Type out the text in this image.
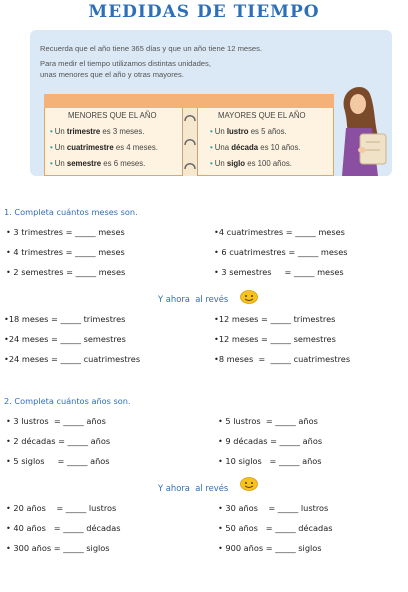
MEDIDAS DE TIEMPO
Recuerda que el año tiene 365 días y que un año tiene 12 meses.
Para medir el tiempo utilizamos distintas unidades,
unas menores que el año y otras mayores.
MENORES QUE EL AÑO	MAYORES QUE EL AÑO
• Un trimestre es 3 meses.
• Un cuatrimestre es 4 meses.
• Un semestre es 6 meses.
• Un lustro es 5 años.
• Una década es 10 años.
• Un siglo es 100 años.
1. Completa cuántos meses son.
• 3 trimestres = _____ meses	•4 cuatrimestres = _____ meses
• 4 trimestres = _____ meses	• 6 cuatrimestres = _____ meses
• 2 semestres = _____ meses	• 3 semestres     = _____ meses
Y ahora  al revés
•18 meses = _____ trimestres	•12 meses = _____ trimestres
•24 meses = _____ semestres	•12 meses = _____ semestres
•24 meses = _____ cuatrimestres	•8 meses  =  _____ cuatrimestres
2. Completa cuántos años son.
• 3 lustros  = _____ años	• 5 lustros  = _____ años
• 2 décadas = _____ años	• 9 décadas = _____ años
• 5 siglos     = _____ años	• 10 siglos   = _____ años
Y ahora  al revés
• 20 años    = _____ lustros	• 30 años    = _____ lustros
• 40 años   = _____ décadas	• 50 años   = _____ décadas
• 300 años = _____ siglos	• 900 años = _____ siglos
